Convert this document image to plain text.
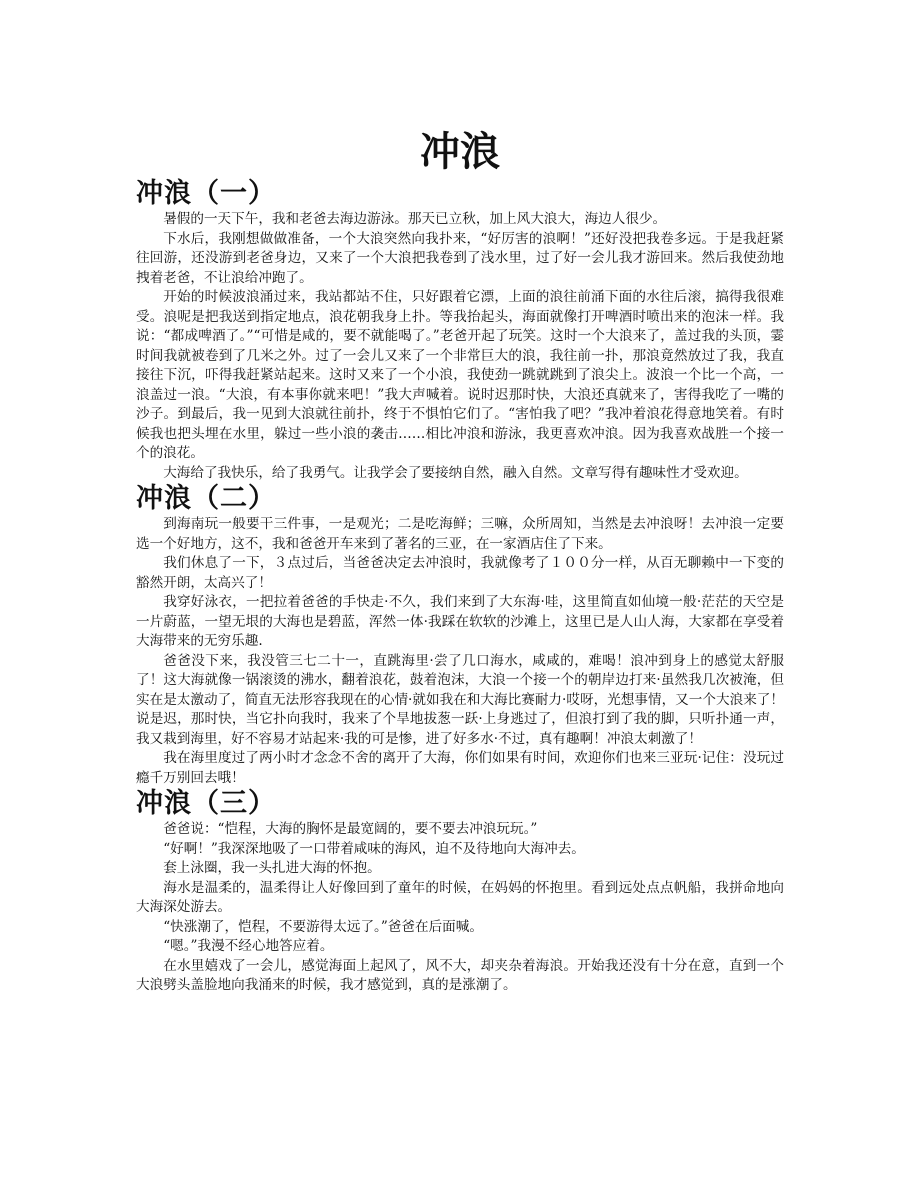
冲浪
冲浪（一）

暑假的一天下午，我和老爸去海边游泳。那天已立秋，加上风大浪大，海边人很少。

下水后，我刚想做做准备，一个大浪突然向我扑来，“好厉害的浪啊！”还好没把我卷多远。于是我赶紧往回游，还没游到老爸身边，又来了一个大浪把我卷到了浅水里，过了好一会儿我才游回来。然后我使劲地拽着老爸，不让浪给冲跑了。

开始的时候波浪涌过来，我站都站不住，只好跟着它漂，上面的浪往前涌下面的水往后滚，搞得我很难受。浪呢是把我送到指定地点，浪花朝我身上扑。等我抬起头，海面就像打开啤酒时喷出来的泡沫一样。我说：“都成啤酒了。”“可惜是咸的，要不就能喝了。”老爸开起了玩笑。这时一个大浪来了，盖过我的头顶，霎时间我就被卷到了几米之外。过了一会儿又来了一个非常巨大的浪，我往前一扑，那浪竟然放过了我，我直接往下沉，吓得我赶紧站起来。这时又来了一个小浪，我使劲一跳就跳到了浪尖上。波浪一个比一个高，一浪盖过一浪。“大浪，有本事你就来吧！”我大声喊着。说时迟那时快，大浪还真就来了，害得我吃了一嘴的沙子。到最后，我一见到大浪就往前扑，终于不惧怕它们了。“害怕我了吧？”我冲着浪花得意地笑着。有时候我也把头埋在水里，躲过一些小浪的袭击……相比冲浪和游泳，我更喜欢冲浪。因为我喜欢战胜一个接一个的浪花。

大海给了我快乐，给了我勇气。让我学会了要接纳自然，融入自然。文章写得有趣味性才受欢迎。

冲浪（二）

到海南玩一般要干三件事，一是观光；二是吃海鲜；三嘛，众所周知，当然是去冲浪呀！去冲浪一定要选一个好地方，这不，我和爸爸开车来到了著名的三亚，在一家酒店住了下来。

我们休息了一下，３点过后，当爸爸决定去冲浪时，我就像考了１００分一样，从百无聊赖中一下变的豁然开朗，太高兴了！

我穿好泳衣，一把拉着爸爸的手快走·不久，我们来到了大东海·哇，这里简直如仙境一般·茫茫的天空是一片蔚蓝，一望无垠的大海也是碧蓝，浑然一体·我踩在软软的沙滩上，这里已是人山人海，大家都在享受着大海带来的无穷乐趣.

爸爸没下来，我没管三七二十一，直跳海里·尝了几口海水，咸咸的，难喝！浪冲到身上的感觉太舒服了！这大海就像一锅滚烫的沸水，翻着浪花，鼓着泡沫，大浪一个接一个的朝岸边打来·虽然我几次被淹，但实在是太激动了，简直无法形容我现在的心情·就如我在和大海比赛耐力·哎呀，光想事情，又一个大浪来了！说是迟，那时快，当它扑向我时，我来了个旱地拔葱一跃·上身逃过了，但浪打到了我的脚，只听扑通一声，我又栽到海里，好不容易才站起来·我的可是惨，进了好多水·不过，真有趣啊！冲浪太刺激了！

我在海里度过了两小时才念念不舍的离开了大海，你们如果有时间，欢迎你们也来三亚玩·记住：没玩过瘾千万别回去哦！

冲浪（三）

爸爸说：“恺程，大海的胸怀是最宽阔的，要不要去冲浪玩玩。”

“好啊！”我深深地吸了一口带着咸味的海风，迫不及待地向大海冲去。

套上泳圈，我一头扎进大海的怀抱。

海水是温柔的，温柔得让人好像回到了童年的时候，在妈妈的怀抱里。看到远处点点帆船，我拼命地向大海深处游去。

“快涨潮了，恺程，不要游得太远了。”爸爸在后面喊。

“嗯。”我漫不经心地答应着。

在水里嬉戏了一会儿，感觉海面上起风了，风不大，却夹杂着海浪。开始我还没有十分在意，直到一个大浪劈头盖脸地向我涌来的时候，我才感觉到，真的是涨潮了。
